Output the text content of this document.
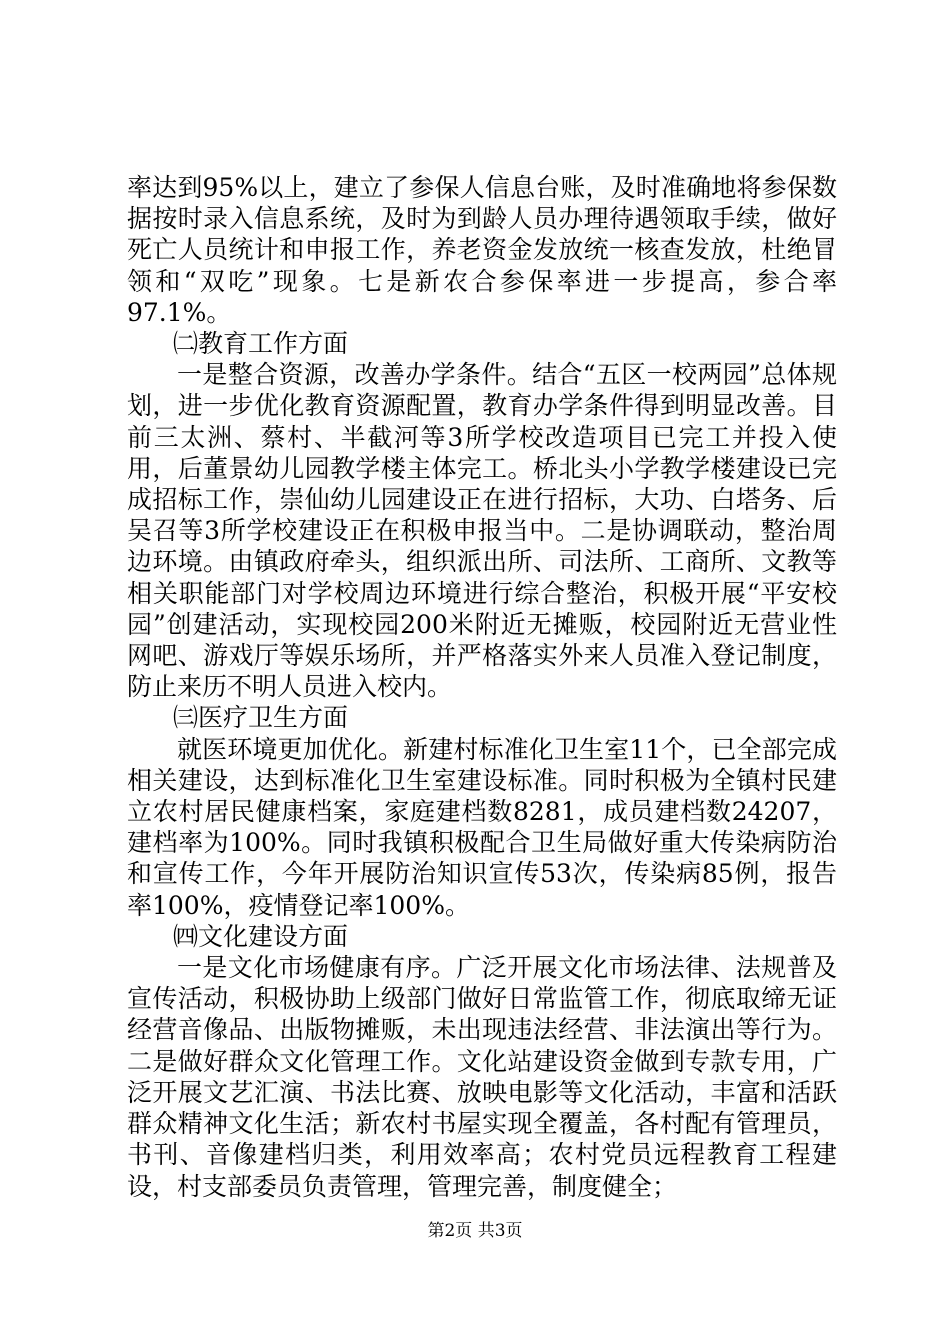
率达到95%以上，建立了参保人信息台账，及时准确地将参保数据按时录入信息系统，及时为到龄人员办理待遇领取手续，做好死亡人员统计和申报工作，养老资金发放统一核查发放，杜绝冒领和“双吃”现象。七是新农合参保率进一步提高，参合率97.1%。

㈡教育工作方面

一是整合资源，改善办学条件。结合“五区一校两园”总体规划，进一步优化教育资源配置，教育办学条件得到明显改善。目前三太洲、蔡村、半截河等3所学校改造项目已完工并投入使用，后董景幼儿园教学楼主体完工。桥北头小学教学楼建设已完成招标工作，崇仙幼儿园建设正在进行招标，大功、白塔务、后吴召等3所学校建设正在积极申报当中。二是协调联动，整治周边环境。由镇政府牵头，组织派出所、司法所、工商所、文教等相关职能部门对学校周边环境进行综合整治，积极开展“平安校园”创建活动，实现校园200米附近无摊贩，校园附近无营业性网吧、游戏厅等娱乐场所，并严格落实外来人员准入登记制度，防止来历不明人员进入校内。

㈢医疗卫生方面

就医环境更加优化。新建村标准化卫生室11个，已全部完成相关建设，达到标准化卫生室建设标准。同时积极为全镇村民建立农村居民健康档案，家庭建档数8281，成员建档数24207，建档率为100%。同时我镇积极配合卫生局做好重大传染病防治和宣传工作，今年开展防治知识宣传53次，传染病85例，报告率100%，疫情登记率100%。

㈣文化建设方面

一是文化市场健康有序。广泛开展文化市场法律、法规普及宣传活动，积极协助上级部门做好日常监管工作，彻底取缔无证经营音像品、出版物摊贩，未出现违法经营、非法演出等行为。二是做好群众文化管理工作。文化站建设资金做到专款专用，广泛开展文艺汇演、书法比赛、放映电影等文化活动，丰富和活跃群众精神文化生活；新农村书屋实现全覆盖，各村配有管理员，书刊、音像建档归类，利用效率高；农村党员远程教育工程建设，村支部委员负责管理，管理完善，制度健全；

第2页 共3页
